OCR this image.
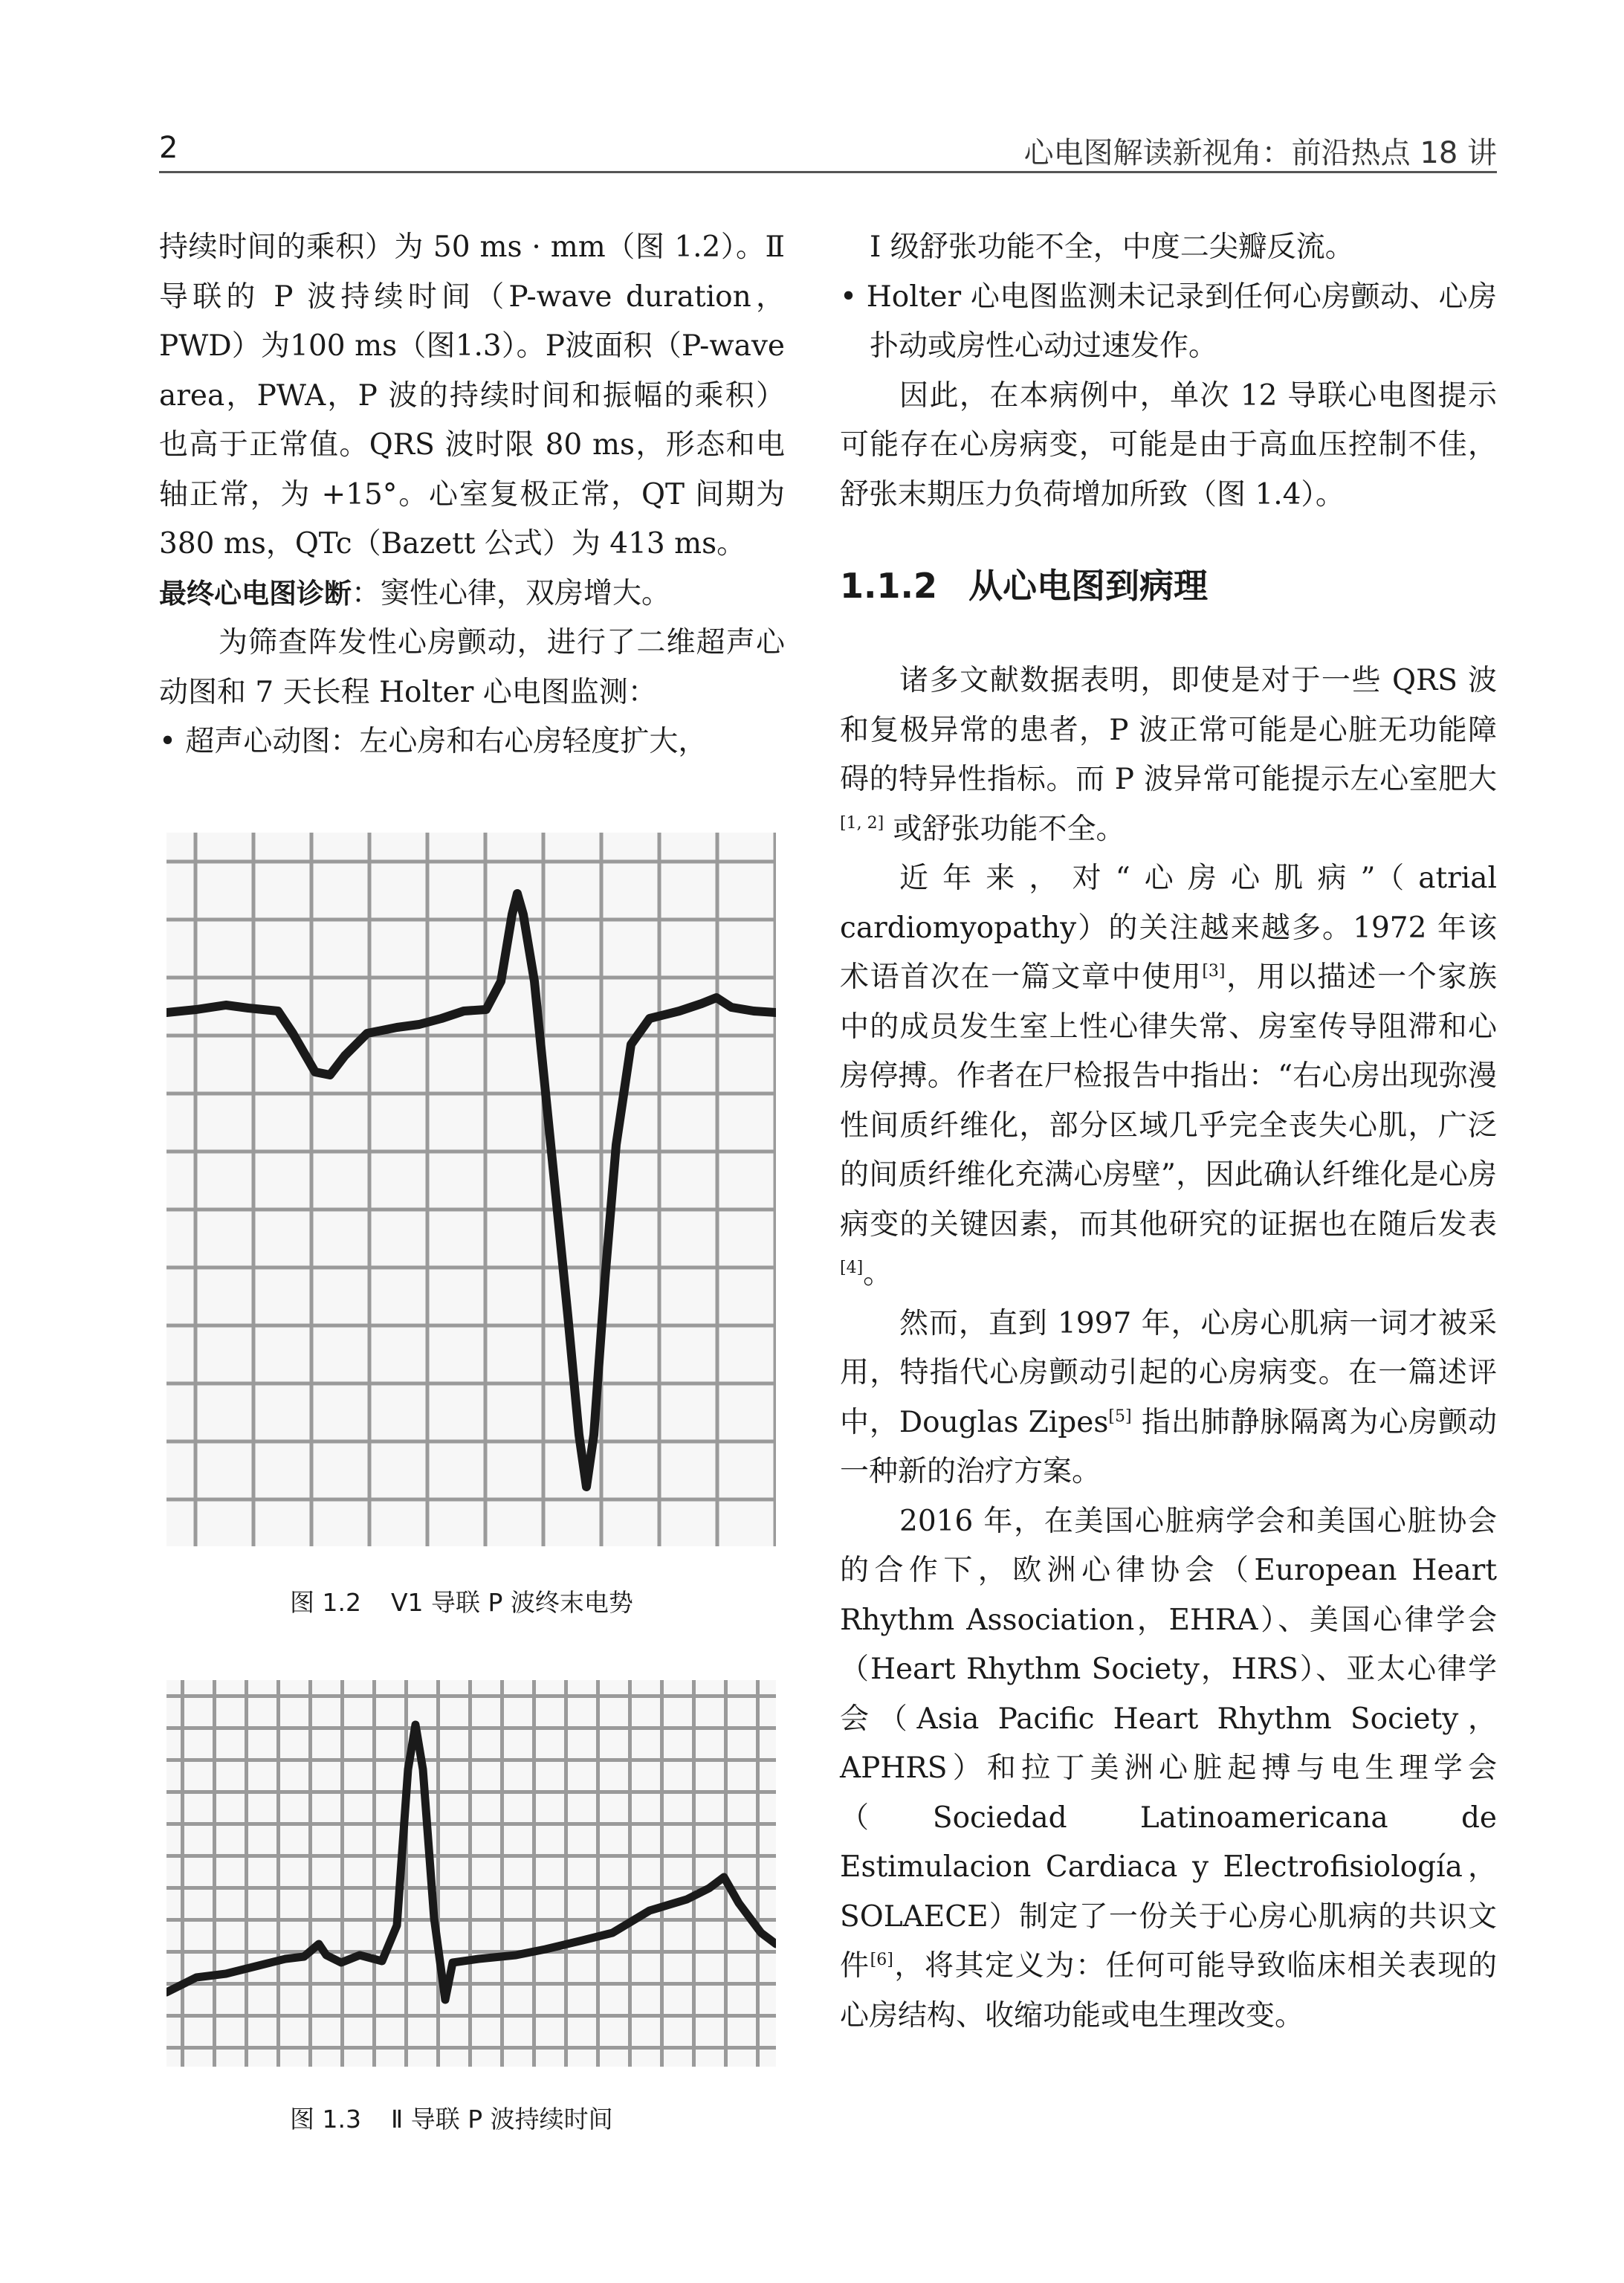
2	心电图解读新视角：前沿热点 18 讲

持续时间的乘积）为 50 ms · mm（图 1.2）。Ⅱ 导联的 P 波持续时间（P-wave duration，PWD）为100 ms（图1.3）。P波面积（P-wave area，PWA，P 波的持续时间和振幅的乘积）也高于正常值。QRS 波时限 80 ms，形态和电轴正常，为 +15°。心室复极正常，QT 间期为 380 ms，QTc（Bazett 公式）为 413 ms。

最终心电图诊断：窦性心律，双房增大。

为筛查阵发性心房颤动，进行了二维超声心动图和 7 天长程 Holter 心电图监测：

• 超声心动图：左心房和右心房轻度扩大，

图 1.2 V1 导联 P 波终末电势
图 1.3 Ⅱ 导联 P 波持续时间

Ⅰ 级舒张功能不全，中度二尖瓣反流。

• Holter 心电图监测未记录到任何心房颤动、心房扑动或房性心动过速发作。

因此，在本病例中，单次 12 导联心电图提示可能存在心房病变，可能是由于高血压控制不佳，舒张末期压力负荷增加所致（图 1.4）。

1.1.2 从心电图到病理

诸多文献数据表明，即使是对于一些 QRS 波和复极异常的患者，P 波正常可能是心脏无功能障碍的特异性指标。而 P 波异常可能提示左心室肥大[1, 2] 或舒张功能不全。

近年来，对“心房心肌病”（atrial cardiomyopathy）的关注越来越多。1972 年该术语首次在一篇文章中使用[3]，用以描述一个家族中的成员发生室上性心律失常、房室传导阻滞和心房停搏。作者在尸检报告中指出：“右心房出现弥漫性间质纤维化，部分区域几乎完全丧失心肌，广泛的间质纤维化充满心房壁”，因此确认纤维化是心房病变的关键因素，而其他研究的证据也在随后发表[4]。

然而，直到 1997 年，心房心肌病一词才被采用，特指代心房颤动引起的心房病变。在一篇述评中，Douglas Zipes[5] 指出肺静脉隔离为心房颤动一种新的治疗方案。

2016 年，在美国心脏病学会和美国心脏协会的合作下，欧洲心律协会（European Heart Rhythm Association，EHRA）、美国心律学会（Heart Rhythm Society，HRS）、亚太心律学会（Asia Pacific Heart Rhythm Society，APHRS）和拉丁美洲心脏起搏与电生理学会（Sociedad Latinoamericana de Estimulacion Cardiaca y Electrofisiología，SOLAECE）制定了一份关于心房心肌病的共识文件[6]，将其定义为：任何可能导致临床相关表现的心房结构、收缩功能或电生理改变。
